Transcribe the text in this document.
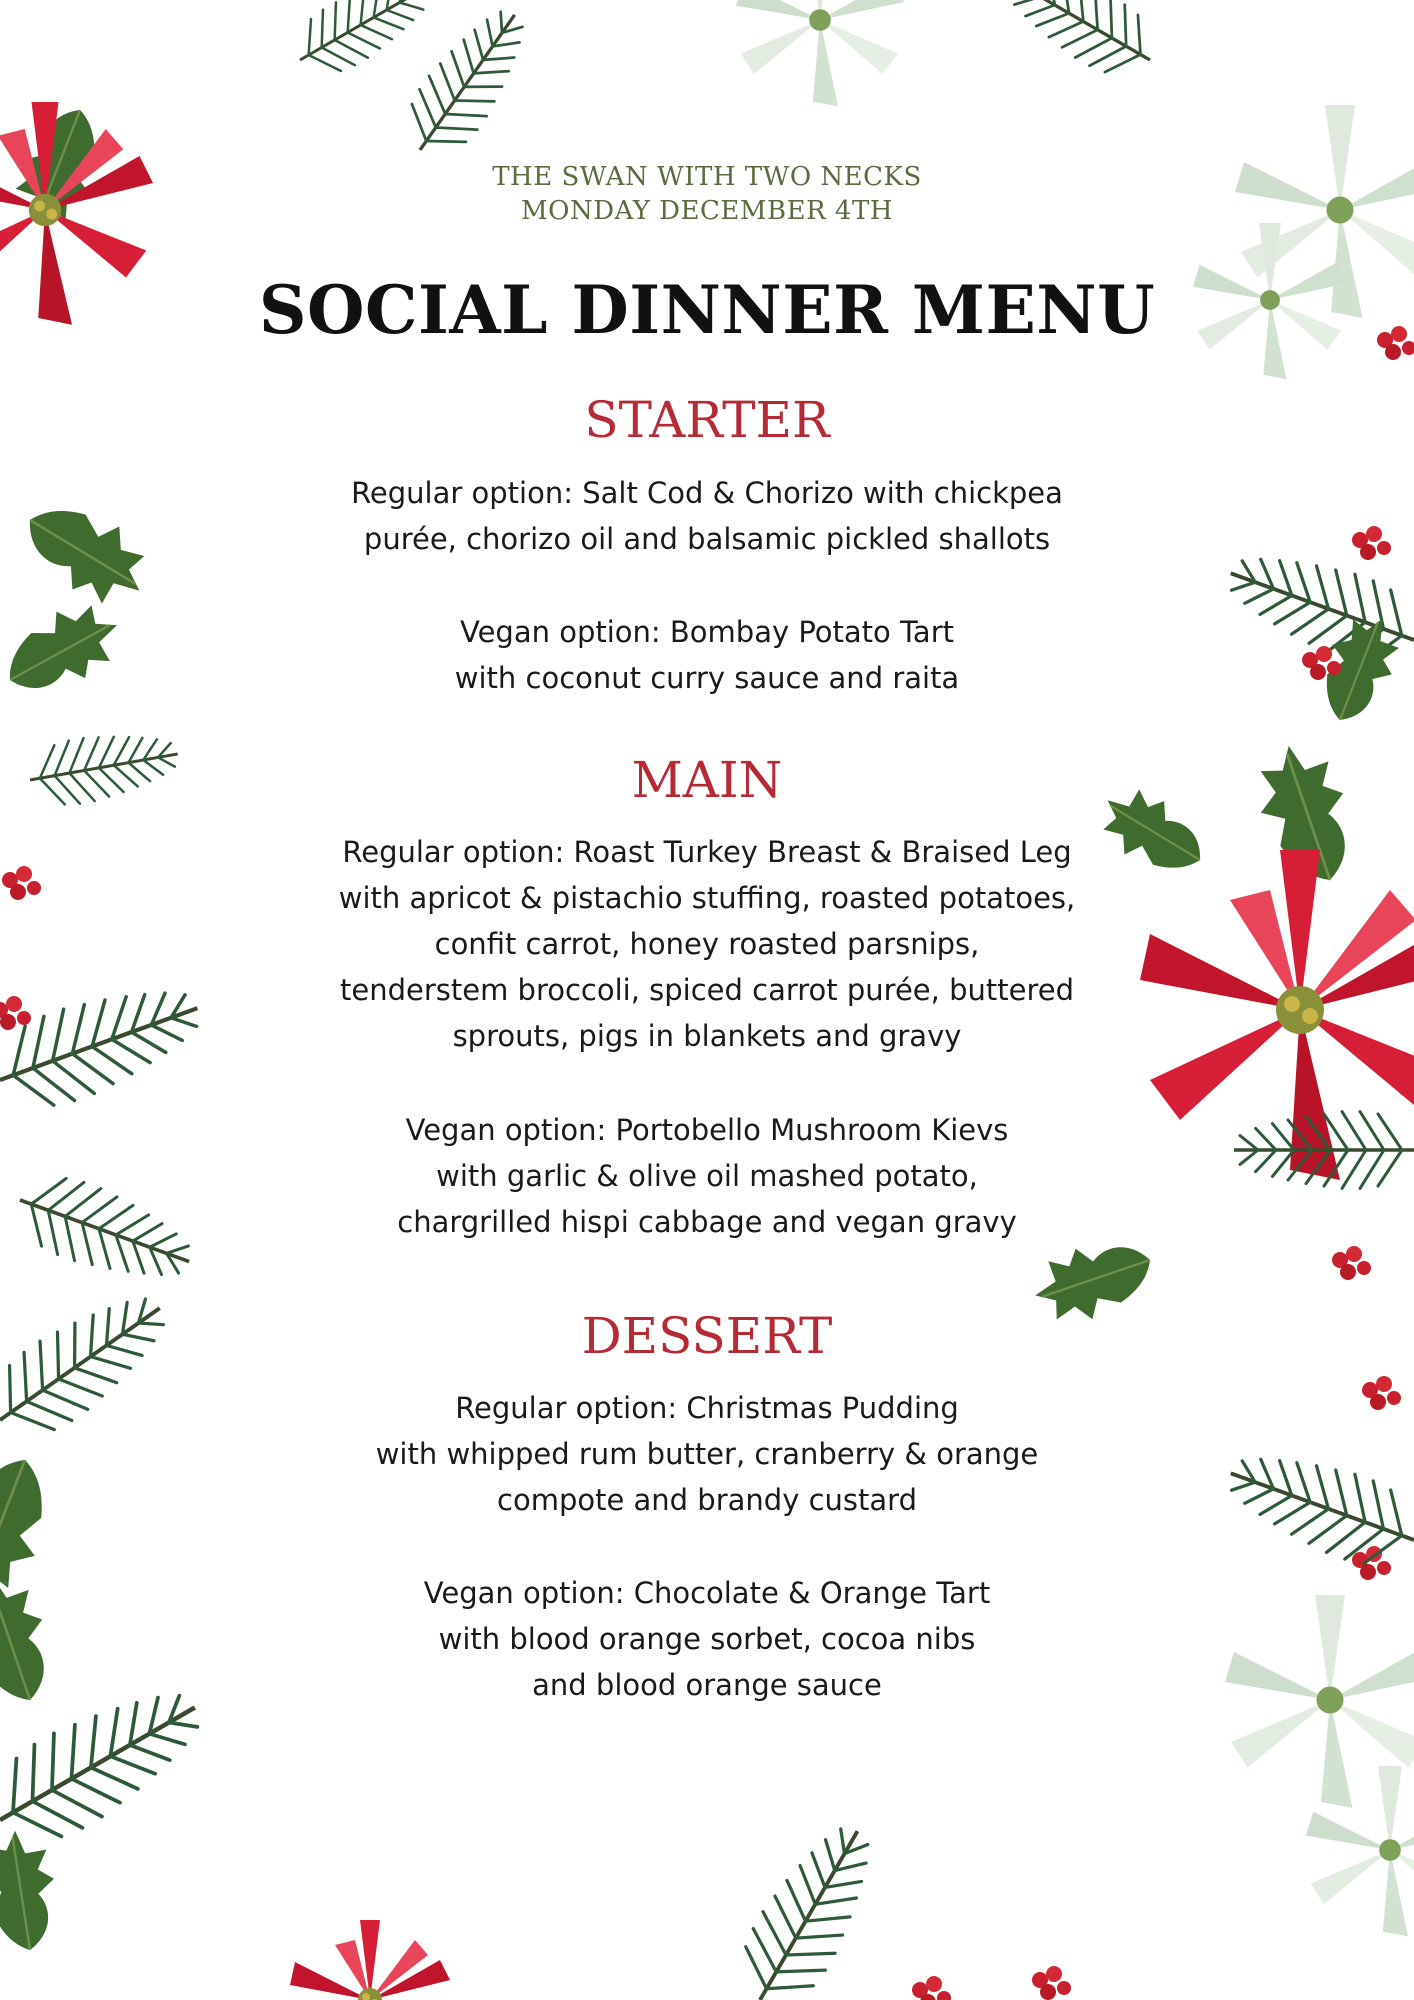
THE SWAN WITH TWO NECKS
MONDAY DECEMBER 4TH
SOCIAL DINNER MENU
STARTER
Regular option: Salt Cod & Chorizo with chickpea
purée, chorizo oil and balsamic pickled shallots
Vegan option: Bombay Potato Tart
with coconut curry sauce and raita
MAIN
Regular option: Roast Turkey Breast & Braised Leg
with apricot & pistachio stuffing, roasted potatoes,
confit carrot, honey roasted parsnips,
tenderstem broccoli, spiced carrot purée, buttered
sprouts, pigs in blankets and gravy
Vegan option: Portobello Mushroom Kievs
with garlic & olive oil mashed potato,
chargrilled hispi cabbage and vegan gravy
DESSERT
Regular option: Christmas Pudding
with whipped rum butter, cranberry & orange
compote and brandy custard
Vegan option: Chocolate & Orange Tart
with blood orange sorbet, cocoa nibs
and blood orange sauce
